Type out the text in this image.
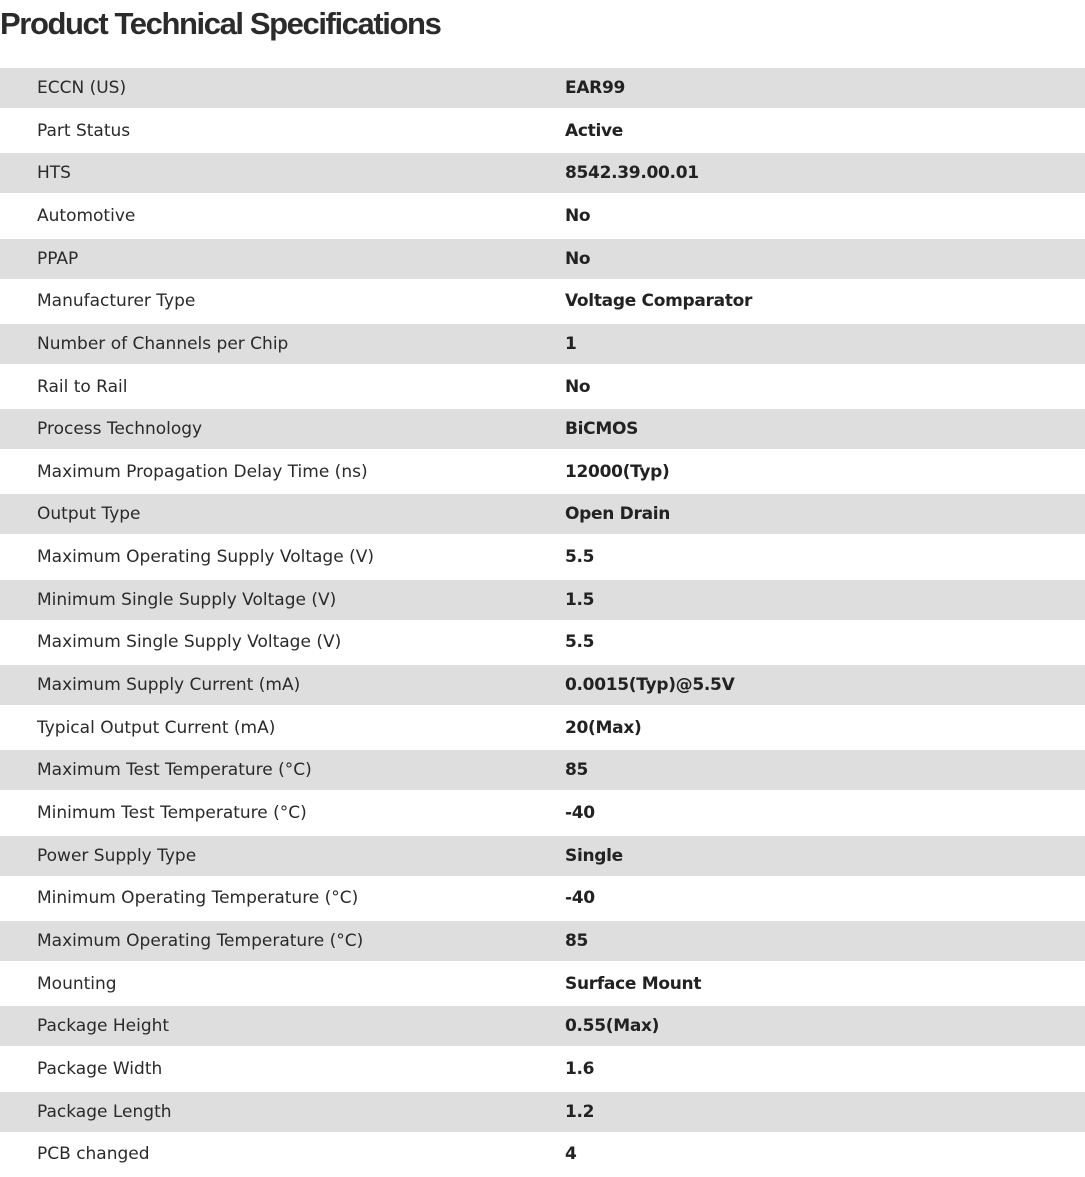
Product Technical Specifications
ECCN (US)	EAR99
Part Status	Active
HTS	8542.39.00.01
Automotive	No
PPAP	No
Manufacturer Type	Voltage Comparator
Number of Channels per Chip	1
Rail to Rail	No
Process Technology	BiCMOS
Maximum Propagation Delay Time (ns)	12000(Typ)
Output Type	Open Drain
Maximum Operating Supply Voltage (V)	5.5
Minimum Single Supply Voltage (V)	1.5
Maximum Single Supply Voltage (V)	5.5
Maximum Supply Current (mA)	0.0015(Typ)@5.5V
Typical Output Current (mA)	20(Max)
Maximum Test Temperature (°C)	85
Minimum Test Temperature (°C)	-40
Power Supply Type	Single
Minimum Operating Temperature (°C)	-40
Maximum Operating Temperature (°C)	85
Mounting	Surface Mount
Package Height	0.55(Max)
Package Width	1.6
Package Length	1.2
PCB changed	4
